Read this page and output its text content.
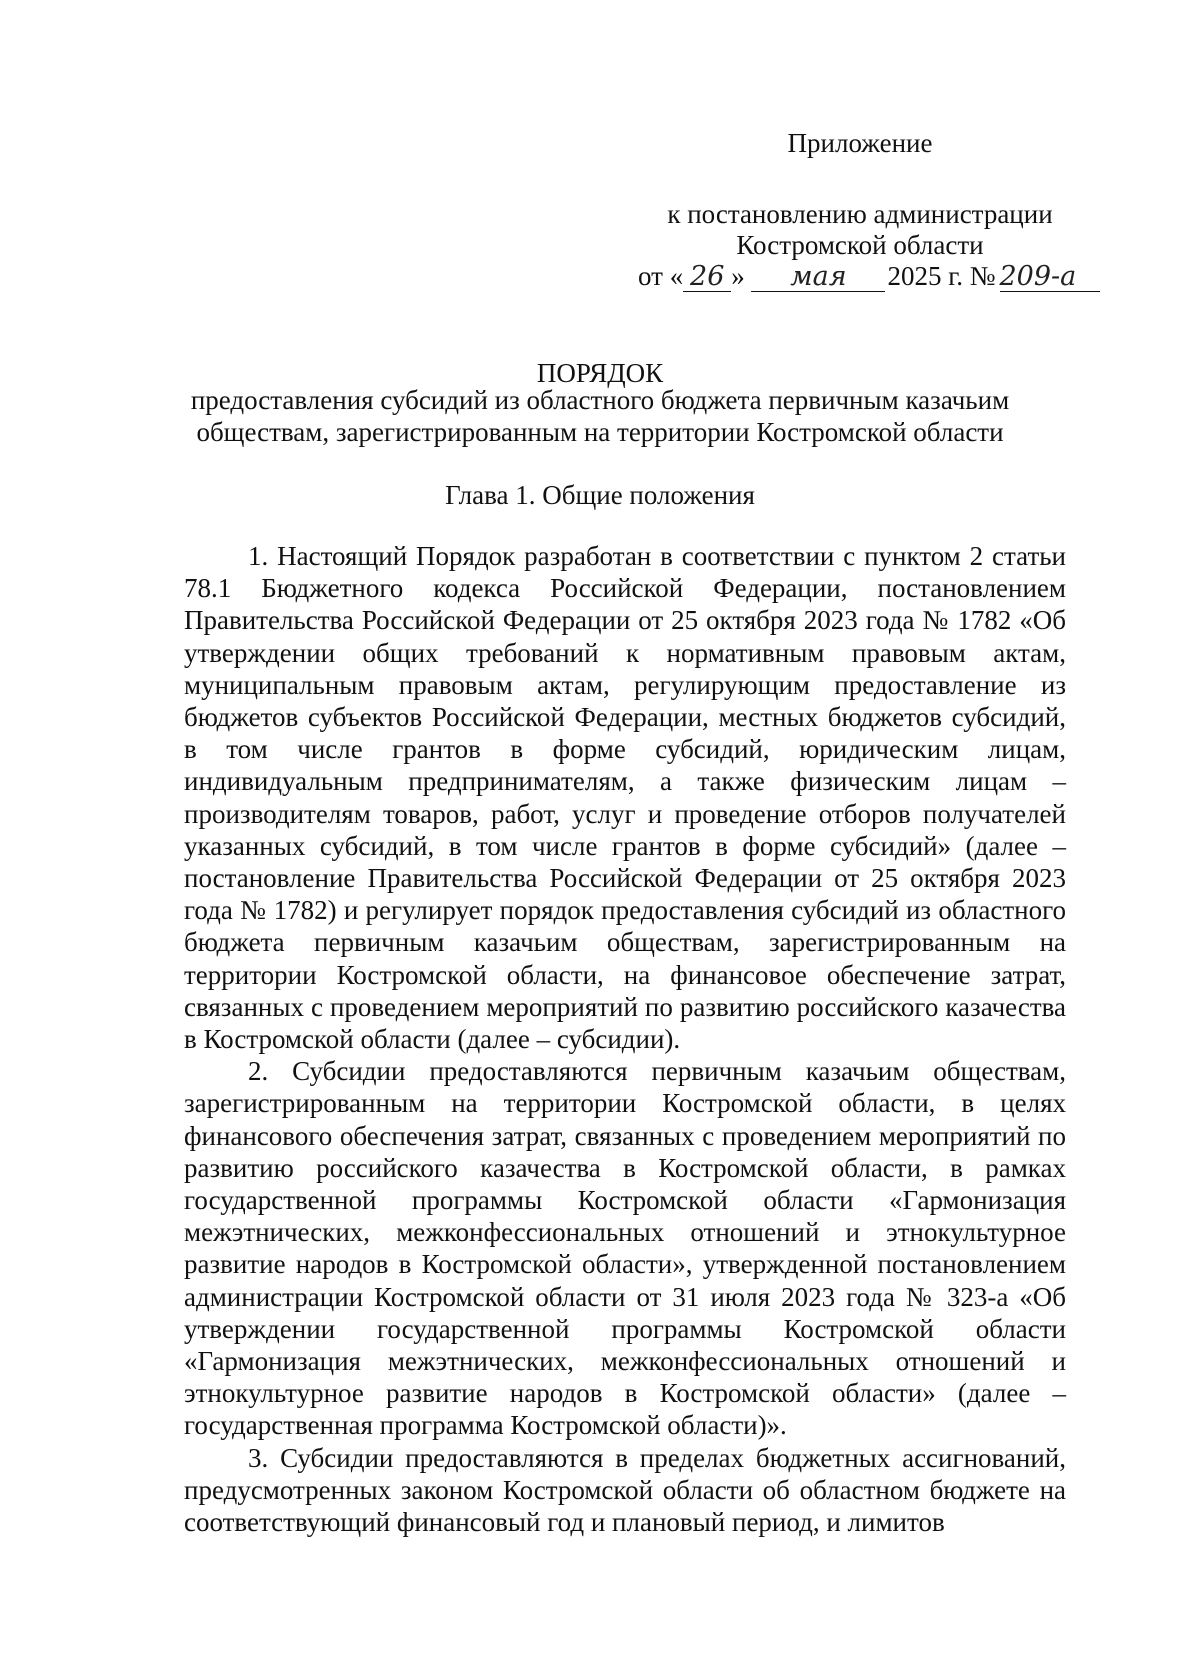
Приложение
к постановлению администрации
Костромской области
от « 26 » мая 2025 г. № 209-а
ПОРЯДОК
предоставления субсидий из областного бюджета первичным казачьим обществам, зарегистрированным на территории Костромской области
Глава 1. Общие положения

1. Настоящий Порядок разработан в соответствии с пунктом 2 статьи 78.1 Бюджетного кодекса Российской Федерации, постановлением Правительства Российской Федерации от 25 октября 2023 года № 1782 «Об утверждении общих требований к нормативным правовым актам, муниципальным правовым актам, регулирующим предоставление из бюджетов субъектов Российской Федерации, местных бюджетов субсидий, в том числе грантов в форме субсидий, юридическим лицам, индивидуальным предпринимателям, а также физическим лицам – производителям товаров, работ, услуг и проведение отборов получателей указанных субсидий, в том числе грантов в форме субсидий» (далее – постановление Правительства Российской Федерации от 25 октября 2023 года № 1782) и регулирует порядок предоставления субсидий из областного бюджета первичным казачьим обществам, зарегистрированным на территории Костромской области, на финансовое обеспечение затрат, связанных с проведением мероприятий по развитию российского казачества в Костромской области (далее – субсидии).

2. Субсидии предоставляются первичным казачьим обществам, зарегистрированным на территории Костромской области, в целях финансового обеспечения затрат, связанных с проведением мероприятий по развитию российского казачества в Костромской области, в рамках государственной программы Костромской области «Гармонизация межэтнических, межконфессиональных отношений и этнокультурное развитие народов в Костромской области», утвержденной постановлением администрации Костромской области от 31 июля 2023 года № 323-а «Об утверждении государственной программы Костромской области «Гармонизация межэтнических, межконфессиональных отношений и этнокультурное развитие народов в Костромской области» (далее – государственная программа Костромской области)».

3. Субсидии предоставляются в пределах бюджетных ассигнований, предусмотренных законом Костромской области об областном бюджете на соответствующий финансовый год и плановый период, и лимитов
